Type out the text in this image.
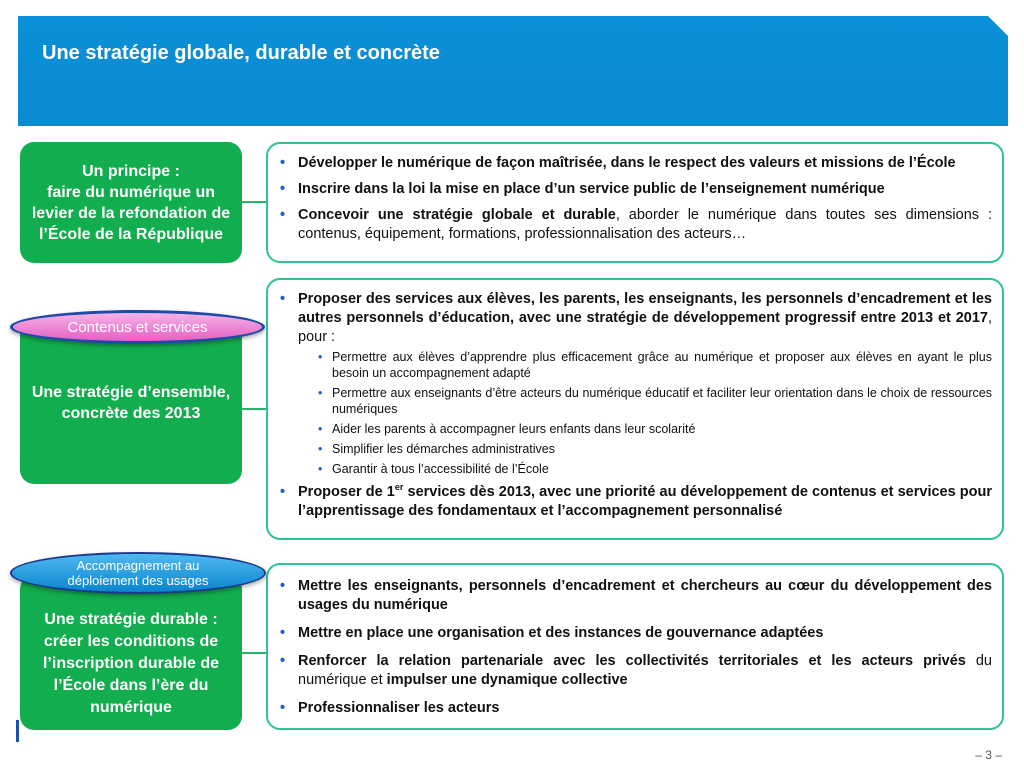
Une stratégie globale, durable et concrète
Un principe :
faire du numérique un levier de la refondation de l’École de la République
• Développer le numérique de façon maîtrisée, dans le respect des valeurs et missions de l’École
• Inscrire dans la loi la mise en place d’un service public de l’enseignement numérique
• Concevoir une stratégie globale et durable, aborder le numérique dans toutes ses dimensions : contenus, équipement, formations, professionnalisation des acteurs…
Une stratégie d’ensemble, concrète des 2013
• Proposer des services aux élèves, les parents, les enseignants, les personnels d’encadrement et les autres personnels d’éducation, avec une stratégie de développement progressif entre 2013 et 2017, pour :
• Permettre aux élèves d’apprendre plus efficacement grâce au numérique et proposer aux élèves en ayant le plus besoin un accompagnement adapté
• Permettre aux enseignants d’être acteurs du numérique éducatif et faciliter leur orientation dans le choix de ressources numériques
• Aider les parents à accompagner leurs enfants dans leur scolarité
• Simplifier les démarches administratives
• Garantir à tous l’accessibilité de l’École
• Proposer de 1er services dès 2013, avec une priorité au développement de contenus et services pour l’apprentissage des fondamentaux et l’accompagnement personnalisé
Contenus et services
Une stratégie durable : créer les conditions de l’inscription durable de l’École dans l’ère du numérique
• Mettre les enseignants, personnels d’encadrement et chercheurs au cœur du développement des usages du numérique
• Mettre en place une organisation et des instances de gouvernance adaptées
• Renforcer la relation partenariale avec les collectivités territoriales et les acteurs privés du numérique et impulser une dynamique collective
• Professionnaliser les acteurs
Accompagnement au
déploiement des usages
– 3 –
